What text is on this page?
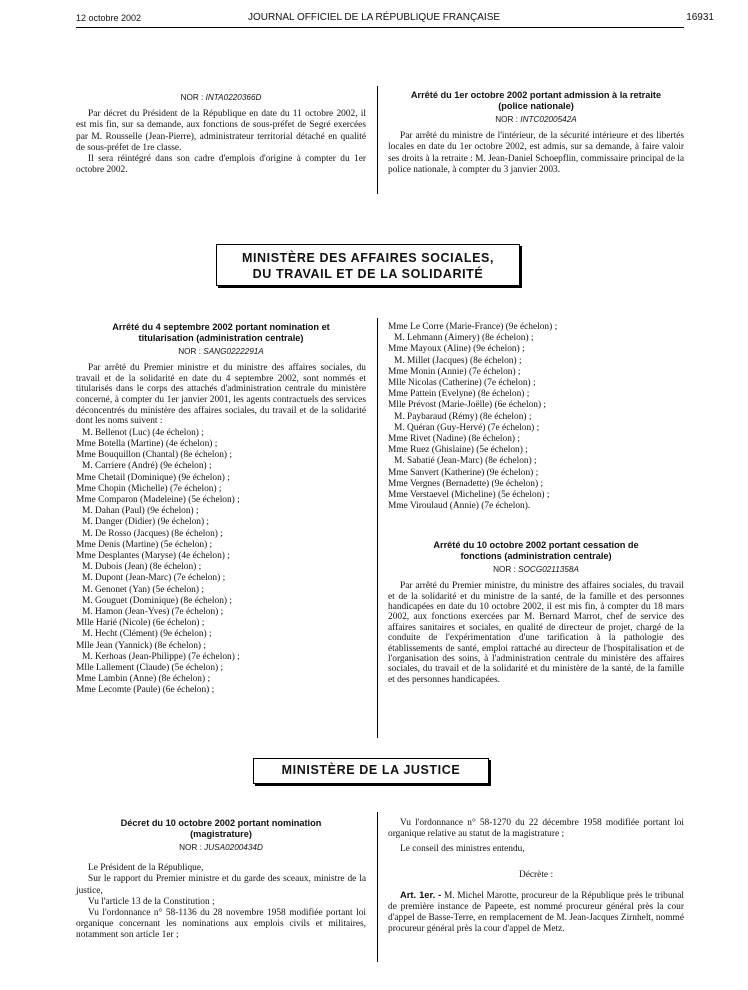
12 octobre 2002	JOURNAL OFFICIEL DE LA RÉPUBLIQUE FRANÇAISE	16931
NOR : INTA0220366D

Par décret du Président de la République en date du 11 octobre 2002, il est mis fin, sur sa demande, aux fonctions de sous-préfet de Segré exercées par M. Rousselle (Jean-Pierre), administrateur territorial détaché en qualité de sous-préfet de 1re classe.

Il sera réintégré dans son cadre d'emplois d'origine à compter du 1er octobre 2002.

Arrêté du 1er octobre 2002 portant admission à la retraite (police nationale)
NOR : INTC0200542A

Par arrêté du ministre de l'intérieur, de la sécurité intérieure et des libertés locales en date du 1er octobre 2002, est admis, sur sa demande, à faire valoir ses droits à la retraite : M. Jean-Daniel Schoepflin, commissaire principal de la police nationale, à compter du 3 janvier 2003.

MINISTÈRE DES AFFAIRES SOCIALES,
DU TRAVAIL ET DE LA SOLIDARITÉ
Arrêté du 4 septembre 2002 portant nomination et titularisation (administration centrale)
NOR : SANG0222291A

Par arrêté du Premier ministre et du ministre des affaires sociales, du travail et de la solidarité en date du 4 septembre 2002, sont nommés et titularisés dans le corps des attachés d'administration centrale du ministère concerné, à compter du 1er janvier 2001, les agents contractuels des services déconcentrés du ministère des affaires sociales, du travail et de la solidarité dont les noms suivent :

M. Bellenot (Luc) (4e échelon) ;
Mme Botella (Martine) (4e échelon) ;
Mme Bouquillon (Chantal) (8e échelon) ;
M. Carriere (André) (9e échelon) ;
Mme Chetail (Dominique) (9e échelon) ;
Mme Chopin (Michelle) (7e échelon) ;
Mme Comparon (Madeleine) (5e échelon) ;
M. Dahan (Paul) (9e échelon) ;
M. Danger (Didier) (9e échelon) ;
M. De Rosso (Jacques) (8e échelon) ;
Mme Denis (Martine) (5e échelon) ;
Mme Desplantes (Maryse) (4e échelon) ;
M. Dubois (Jean) (8e échelon) ;
M. Dupont (Jean-Marc) (7e échelon) ;
M. Genonet (Yan) (5e échelon) ;
M. Gouguet (Dominique) (8e échelon) ;
M. Hamon (Jean-Yves) (7e échelon) ;
Mlle Harié (Nicole) (6e échelon) ;
M. Hecht (Clément) (9e échelon) ;
Mlle Jean (Yannick) (8e échelon) ;
M. Kerhoas (Jean-Philippe) (7e échelon) ;
Mlle Lallement (Claude) (5e échelon) ;
Mme Lambin (Anne) (8e échelon) ;
Mme Lecomte (Paule) (6e échelon) ;
Mme Le Corre (Marie-France) (9e échelon) ;
M. Lehmann (Aimery) (8e échelon) ;
Mme Mayoux (Aline) (9e échelon) ;
M. Millet (Jacques) (8e échelon) ;
Mme Monin (Annie) (7e échelon) ;
Mlle Nicolas (Catherine) (7e échelon) ;
Mme Pattein (Evelyne) (8e échelon) ;
Mlle Prévost (Marie-Joëlle) (6e échelon) ;
M. Paybaraud (Rémy) (8e échelon) ;
M. Quéran (Guy-Hervé) (7e échelon) ;
Mme Rivet (Nadine) (8e échelon) ;
Mme Ruez (Ghislaine) (5e échelon) ;
M. Sabatié (Jean-Marc) (8e échelon) ;
Mme Sanvert (Katherine) (9e échelon) ;
Mme Vergnes (Bernadette) (9e échelon) ;
Mme Verstaevel (Micheline) (5e échelon) ;
Mme Viroulaud (Annie) (7e échelon).
Arrêté du 10 octobre 2002 portant cessation de fonctions (administration centrale)
NOR : SOCG0211358A

Par arrêté du Premier ministre, du ministre des affaires sociales, du travail et de la solidarité et du ministre de la santé, de la famille et des personnes handicapées en date du 10 octobre 2002, il est mis fin, à compter du 18 mars 2002, aux fonctions exercées par M. Bernard Marrot, chef de service des affaires sanitaires et sociales, en qualité de directeur de projet, chargé de la conduite de l'expérimentation d'une tarification à la pathologie des établissements de santé, emploi rattaché au directeur de l'hospitalisation et de l'organisation des soins, à l'administration centrale du ministère des affaires sociales, du travail et de la solidarité et du ministère de la santé, de la famille et des personnes handicapées.

MINISTÈRE DE LA JUSTICE
Décret du 10 octobre 2002 portant nomination (magistrature)
NOR : JUSA0200434D

Le Président de la République,

Sur le rapport du Premier ministre et du garde des sceaux, ministre de la justice,

Vu l'article 13 de la Constitution ;

Vu l'ordonnance n° 58-1136 du 28 novembre 1958 modifiée portant loi organique concernant les nominations aux emplois civils et militaires, notamment son article 1er ;

Vu l'ordonnance n° 58-1270 du 22 décembre 1958 modifiée portant loi organique relative au statut de la magistrature ;

Le conseil des ministres entendu,

Décrète :

Art. 1er. - M. Michel Marotte, procureur de la République près le tribunal de première instance de Papeete, est nommé procureur général près la cour d'appel de Basse-Terre, en remplacement de M. Jean-Jacques Zirnhelt, nommé procureur général près la cour d'appel de Metz.
